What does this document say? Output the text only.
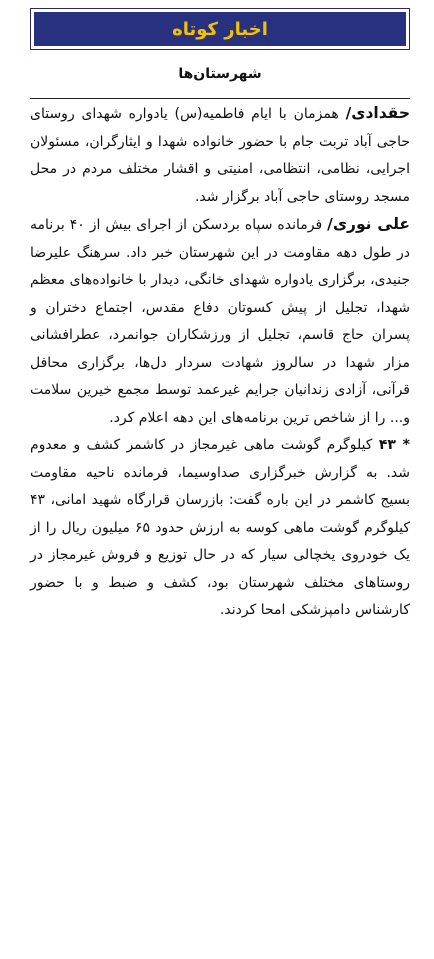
اخبار کوتاه
شهرستان‌ها

حقدادی/ همزمان با ایام فاطمیه(س) یادواره شهدای روستای حاجی آباد تربت جام با حضور خانواده شهدا و ایثارگران، مسئولان اجرایی، نظامی، انتظامی، امنیتی و اقشار مختلف مردم در محل مسجد روستای حاجی آباد برگزار شد.

علی نوری/ فرمانده سپاه بردسکن از اجرای بیش از ۴۰ برنامه در طول دهه مقاومت در این شهرستان خبر داد. سرهنگ علیرضا جنیدی، برگزاری یادواره شهدای خانگی، دیدار با خانواده‌های معظم شهدا، تجلیل از پیش کسوتان دفاع مقدس، اجتماع دختران و پسران حاج قاسم، تجلیل از ورزشکاران جوانمرد، عطرافشانی مزار شهدا در سالروز شهادت سردار دل‌ها، برگزاری محافل قرآنی، آزادی زندانیان جرایم غیرعمد توسط مجمع خیرین سلامت و... را از شاخص ترین برنامه‌های این دهه اعلام کرد.

* ۴۳ کیلوگرم گوشت ماهی غیرمجاز در کاشمر کشف و معدوم شد. به گزارش خبرگزاری صداوسیما، فرمانده ناحیه مقاومت بسیج کاشمر در این باره گفت: بازرسان قرارگاه شهید امانی، ۴۳ کیلوگرم گوشت ماهی کوسه به ارزش حدود ۶۵ میلیون ریال را از یک خودروی یخچالی سیار که در حال توزیع و فروش غیرمجاز در روستاهای مختلف شهرستان بود، کشف و ضبط و با حضور کارشناس دامپزشکی امحا کردند.
